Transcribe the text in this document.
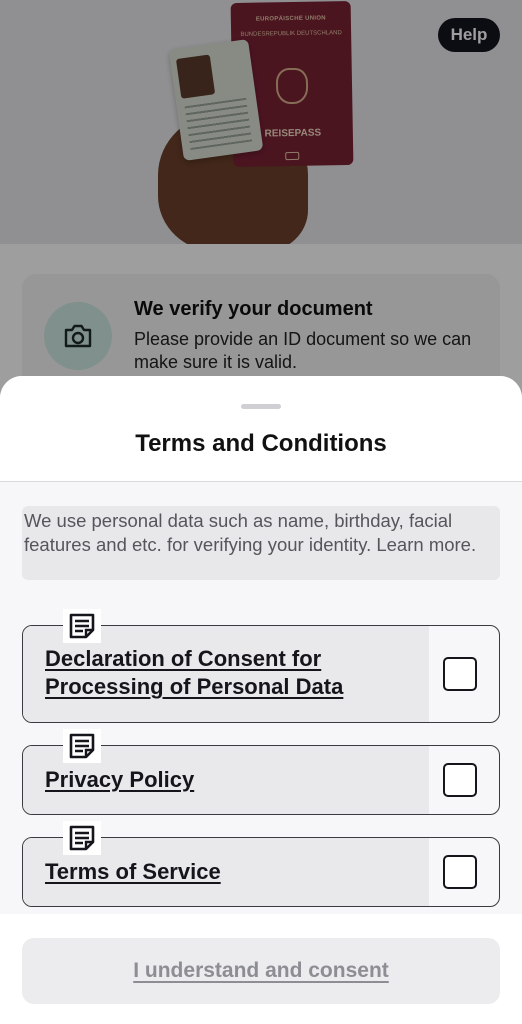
EUROPÄISCHE UNION
BUNDESREPUBLIK DEUTSCHLAND
REISEPASS
Help
We verify your document
Please provide an ID document so we can make sure it is valid.
Terms and Conditions
We use personal data such as name, birthday, facial features and etc. for verifying your identity. Learn more.
Declaration of Consent for Processing of Personal Data
Privacy Policy
Terms of Service
I understand and consent
